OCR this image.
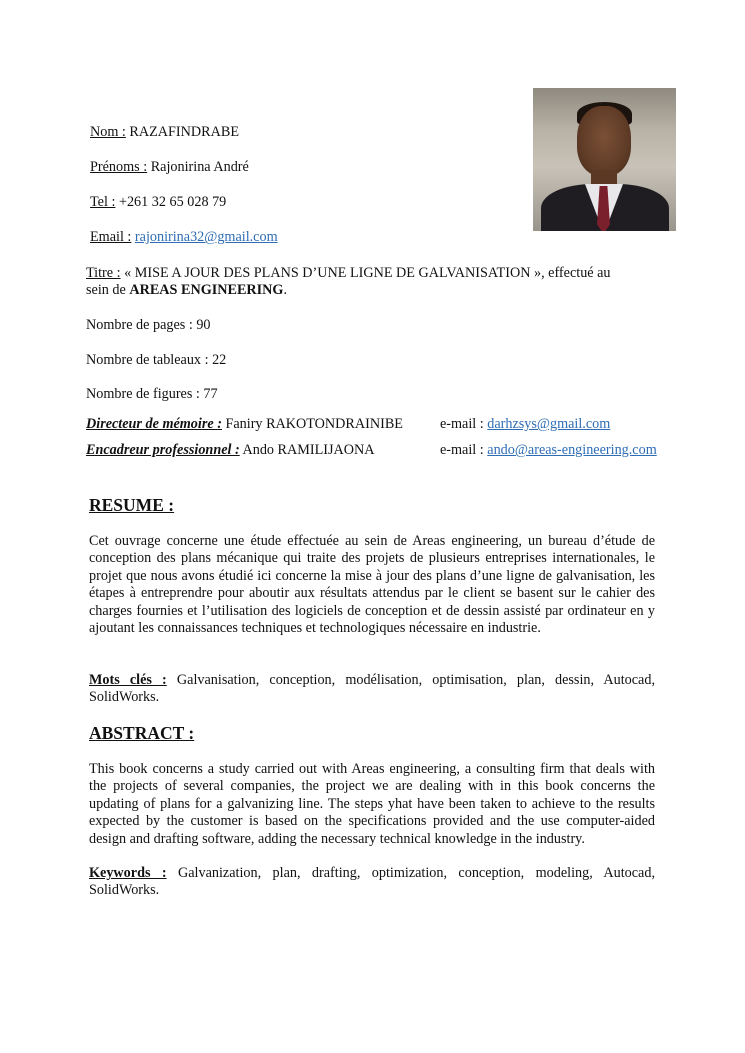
Nom : RAZAFINDRABE
Prénoms : Rajonirina André
Tel : +261 32 65 028 79
Email : rajonirina32@gmail.com
Titre : « MISE A JOUR DES PLANS D’UNE LIGNE DE GALVANISATION », effectué au
sein de AREAS ENGINEERING.
Nombre de pages : 90
Nombre de tableaux : 22
Nombre de figures : 77
Directeur de mémoire : Faniry RAKOTONDRAINIBE	e-mail : darhzsys@gmail.com
Encadreur professionnel : Ando RAMILIJAONA	e-mail : ando@areas-engineering.com
RESUME :
Cet ouvrage concerne une étude effectuée au sein de Areas engineering, un bureau d’étude de conception des plans mécanique qui traite des projets de plusieurs entreprises internationales, le projet que nous avons étudié ici concerne la mise à jour des plans d’une ligne de galvanisation, les étapes à entreprendre pour aboutir aux résultats attendus par le client se basent sur le cahier des charges fournies et l’utilisation des logiciels de conception et de dessin assisté par ordinateur en y ajoutant les connaissances techniques et technologiques nécessaire en industrie.
Mots clés : Galvanisation, conception, modélisation, optimisation, plan, dessin, Autocad, SolidWorks.
ABSTRACT :
This book concerns a study carried out with Areas engineering, a consulting firm that deals with the projects of several companies, the project we are dealing with in this book concerns the updating of plans for a galvanizing line. The steps yhat have been taken to achieve to the results expected by the customer is based on the specifications provided and the use computer-aided design and drafting software, adding the necessary technical knowledge in the industry.
Keywords : Galvanization, plan, drafting, optimization, conception, modeling, Autocad, SolidWorks.
